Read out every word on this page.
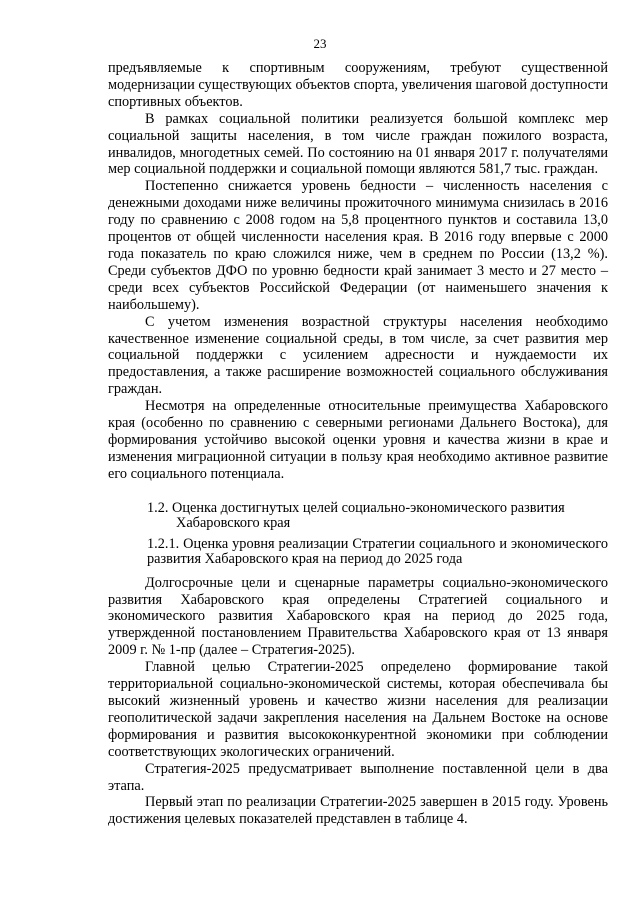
23

предъявляемые к спортивным сооружениям, требуют существенной модернизации существующих объектов спорта, увеличения шаговой доступности спортивных объектов.

В рамках социальной политики реализуется большой комплекс мер социальной защиты населения, в том числе граждан пожилого возраста, инвалидов, многодетных семей. По состоянию на 01 января 2017 г. получателями мер социальной поддержки и социальной помощи являются 581,7 тыс. граждан.

Постепенно снижается уровень бедности – численность населения с денежными доходами ниже величины прожиточного минимума снизилась в 2016 году по сравнению с 2008 годом на 5,8 процентного пунктов и составила 13,0 процентов от общей численности населения края. В 2016 году впервые с 2000 года показатель по краю сложился ниже, чем в среднем по России (13,2 %). Среди субъектов ДФО по уровню бедности край занимает 3 место и 27 место – среди всех субъектов Российской Федерации (от наименьшего значения к наибольшему).

С учетом изменения возрастной структуры населения необходимо качественное изменение социальной среды, в том числе, за счет развития мер социальной поддержки с усилением адресности и нуждаемости их предоставления, а также расширение возможностей социального обслуживания граждан.

Несмотря на определенные относительные преимущества Хабаровского края (особенно по сравнению с северными регионами Дальнего Востока), для формирования устойчиво высокой оценки уровня и качества жизни в крае и изменения миграционной ситуации в пользу края необходимо активное развитие его социального потенциала.

1.2. Оценка достигнутых целей социально-экономического развития
Хабаровского края
1.2.1. Оценка уровня реализации Стратегии социального и экономического развития Хабаровского края на период до 2025 года

Долгосрочные цели и сценарные параметры социально-экономического развития Хабаровского края определены Стратегией социального и экономического развития Хабаровского края на период до 2025 года, утвержденной постановлением Правительства Хабаровского края от 13 января 2009 г. № 1-пр (далее – Стратегия-2025).

Главной целью Стратегии-2025 определено формирование такой территориальной социально-экономической системы, которая обеспечивала бы высокий жизненный уровень и качество жизни населения для реализации геополитической задачи закрепления населения на Дальнем Востоке на основе формирования и развития высококонкурентной экономики при соблюдении соответствующих экологических ограничений.

Стратегия-2025 предусматривает выполнение поставленной цели в два этапа.

Первый этап по реализации Стратегии-2025 завершен в 2015 году. Уровень достижения целевых показателей представлен в таблице 4.
